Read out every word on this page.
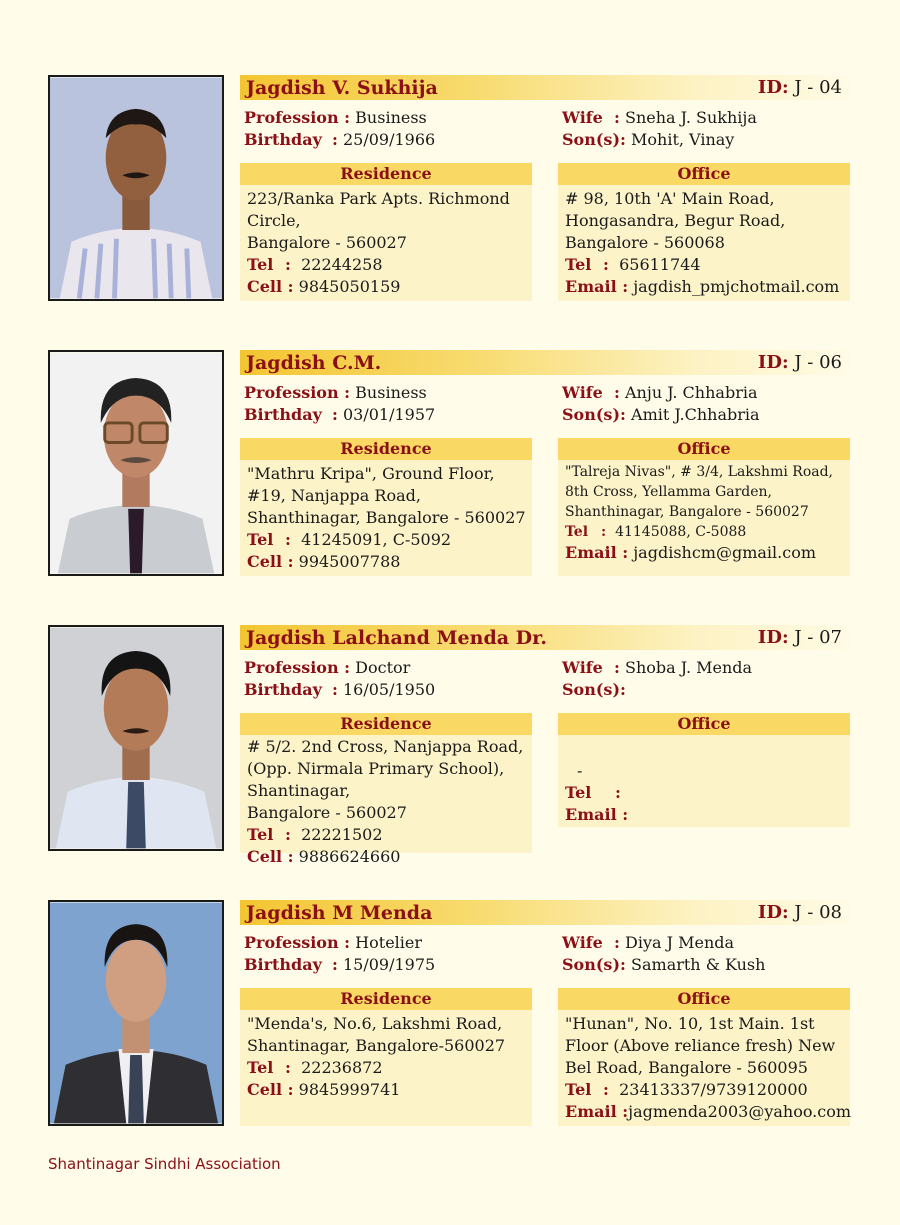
Jagdish V. Sukhija	ID: J - 04
Profession : Business
Birthday : 25/09/1966
Wife : Sneha J. Sukhija
Son(s): Mohit, Vinay
Residence
223/Ranka Park Apts. Richmond
Circle,
Bangalore - 560027
Tel : 22244258
Cell : 9845050159
Office
# 98, 10th 'A' Main Road,
Hongasandra, Begur Road,
Bangalore - 560068
Tel : 65611744
Email : jagdish_pmjchotmail.com
Jagdish C.M.	ID: J - 06
Profession : Business
Birthday : 03/01/1957
Wife : Anju J. Chhabria
Son(s): Amit J.Chhabria
Residence
"Mathru Kripa", Ground Floor,
#19, Nanjappa Road,
Shanthinagar, Bangalore - 560027
Tel : 41245091, C-5092
Cell : 9945007788
Office
"Talreja Nivas", # 3/4, Lakshmi Road,
8th Cross, Yellamma Garden,
Shanthinagar, Bangalore - 560027
Tel : 41145088, C-5088
Email : jagdishcm@gmail.com
Jagdish Lalchand Menda Dr.	ID: J - 07
Profession : Doctor
Birthday : 16/05/1950
Wife : Shoba J. Menda
Son(s):
Residence
# 5/2. 2nd Cross, Nanjappa Road,
(Opp. Nirmala Primary School),
Shantinagar,
Bangalore - 560027
Tel : 22221502
Cell : 9886624660
Office
-
Tel :
Email :
Jagdish M Menda	ID: J - 08
Profession : Hotelier
Birthday : 15/09/1975
Wife : Diya J Menda
Son(s): Samarth & Kush
Residence
"Menda's, No.6, Lakshmi Road,
Shantinagar, Bangalore-560027
Tel : 22236872
Cell : 9845999741
Office
"Hunan", No. 10, 1st Main. 1st
Floor (Above reliance fresh) New
Bel Road, Bangalore - 560095
Tel : 23413337/9739120000
Email :jagmenda2003@yahoo.com
Shantinagar Sindhi Association
